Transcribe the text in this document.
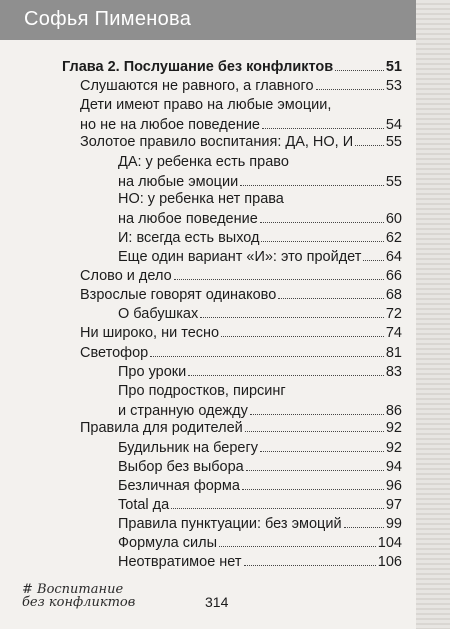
Софья Пименова
Глава 2. Послушание без конфликтов	51
Слушаются не равного, а главного	53
Дети имеют право на любые эмоции,
но не на любое поведение	54
Золотое правило воспитания: ДА, НО, И 55
ДА: у ребенка есть право
на любые эмоции	55
НО: у ребенка нет права
на любое поведение	60
И: всегда есть выход	62
Еще один вариант «И»: это пройдет 64
Слово и дело	66
Взрослые говорят одинаково	68
О бабушках	72
Ни широко, ни тесно	74
Светофор	81
Про уроки	83
Про подростков, пирсинг
и странную одежду	86
Правила для родителей	92
Будильник на берегу	92
Выбор без выбора	94
Безличная форма	96
Total да	97
Правила пунктуации: без эмоций	99
Формула силы	104
Неотвратимое нет	106
# Воспитание
без конфликтов	314
